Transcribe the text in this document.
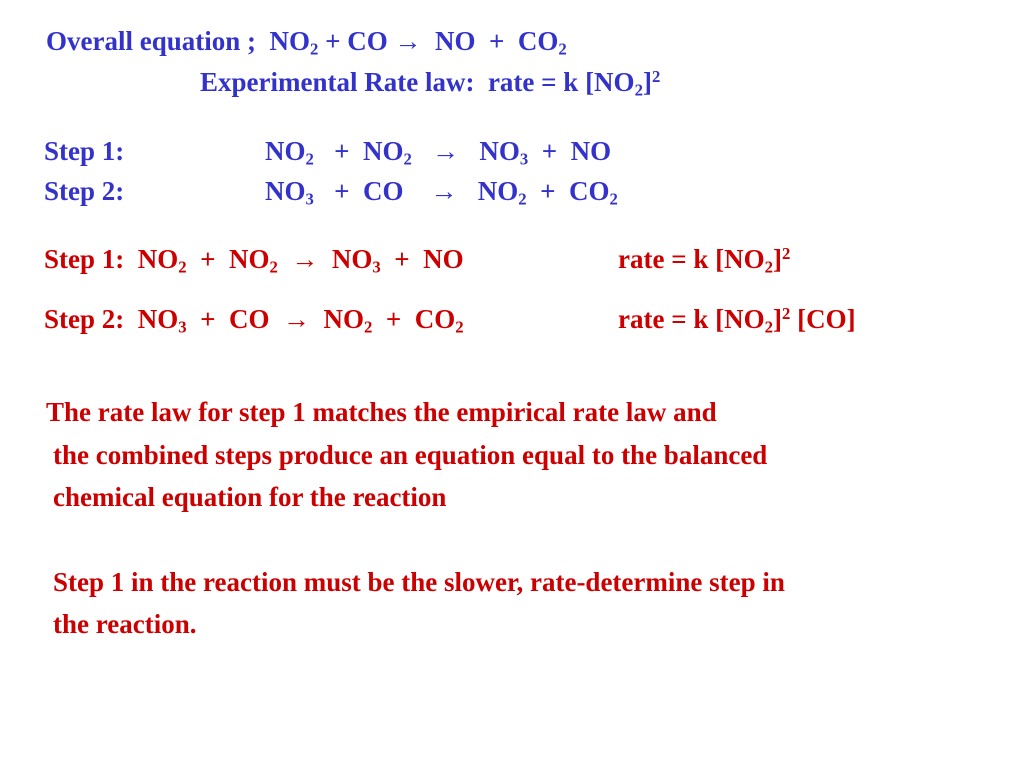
Overall equation ; $NO_2$ + CO → NO + $CO_2$
Experimental Rate law: rate = k $[NO_2]^2$
Step 1:	$NO_2 + NO_2 \to NO_3$ + NO
Step 2:	$NO_3$ + CO → $NO_2 + CO_2$
Step 1: $NO_2 + NO_2 \to NO_3$ + NO	rate = k $[NO_2]^2$
Step 2: $NO_3$ + CO → $NO_2 + CO_2$	rate = k $[NO_2]^2$ [CO]
The rate law for step 1 matches the empirical rate law and
the combined steps produce an equation equal to the balanced
chemical equation for the reaction
Step 1 in the reaction must be the slower, rate-determine step in
the reaction.
